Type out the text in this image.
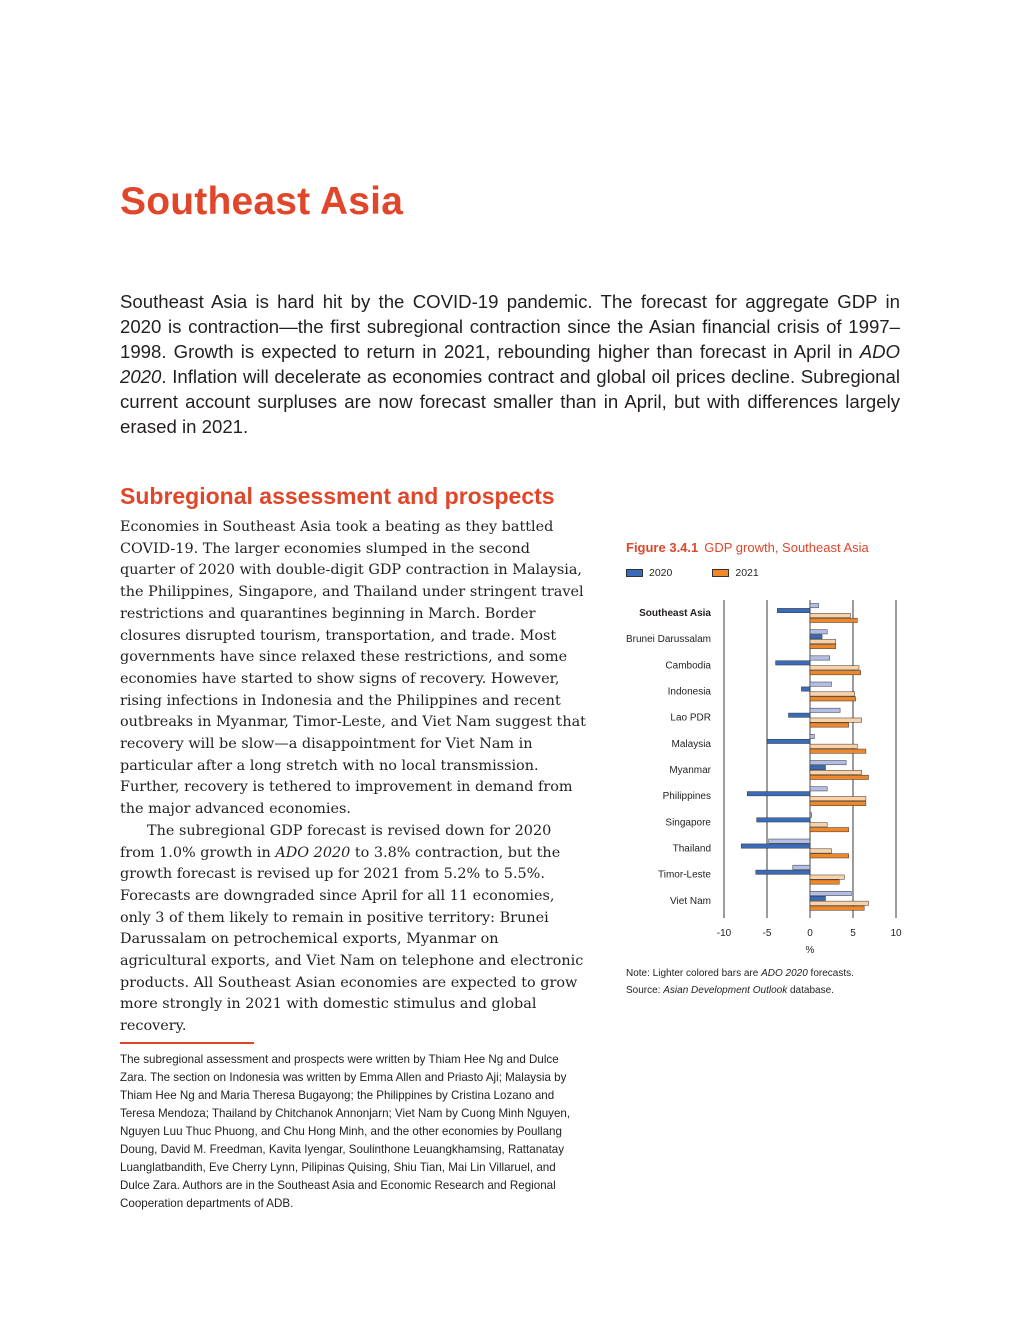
Southeast Asia

Southeast Asia is hard hit by the COVID-19 pandemic. The forecast for aggregate GDP in 2020 is contraction—the first subregional contraction since the Asian financial crisis of 1997–1998. Growth is expected to return in 2021, rebounding higher than forecast in April in ADO 2020. Inflation will decelerate as economies contract and global oil prices decline. Subregional current account surpluses are now forecast smaller than in April, but with differences largely erased in 2021.

Subregional assessment and prospects

Economies in Southeast Asia took a beating as they battled COVID-19. The larger economies slumped in the second quarter of 2020 with double-digit GDP contraction in Malaysia, the Philippines, Singapore, and Thailand under stringent travel restrictions and quarantines beginning in March. Border closures disrupted tourism, transportation, and trade. Most governments have since relaxed these restrictions, and some economies have started to show signs of recovery. However, rising infections in Indonesia and the Philippines and recent outbreaks in Myanmar, Timor-Leste, and Viet Nam suggest that recovery will be slow—a disappointment for Viet Nam in particular after a long stretch with no local transmission. Further, recovery is tethered to improvement in demand from the major advanced economies.

The subregional GDP forecast is revised down for 2020 from 1.0% growth in ADO 2020 to 3.8% contraction, but the growth forecast is revised up for 2021 from 5.2% to 5.5%. Forecasts are downgraded since April for all 11 economies, only 3 of them likely to remain in positive territory: Brunei Darussalam on petrochemical exports, Myanmar on agricultural exports, and Viet Nam on telephone and electronic products. All Southeast Asian economies are expected to grow more strongly in 2021 with domestic stimulus and global recovery.

The subregional assessment and prospects were written by Thiam Hee Ng and Dulce Zara. The section on Indonesia was written by Emma Allen and Priasto Aji; Malaysia by Thiam Hee Ng and Maria Theresa Bugayong; the Philippines by Cristina Lozano and Teresa Mendoza; Thailand by Chitchanok Annonjarn; Viet Nam by Cuong Minh Nguyen, Nguyen Luu Thuc Phuong, and Chu Hong Minh, and the other economies by Poullang Doung, David M. Freedman, Kavita Iyengar, Soulinthone Leuangkhamsing, Rattanatay Luanglatbandith, Eve Cherry Lynn, Pilipinas Quising, Shiu Tian, Mai Lin Villaruel, and Dulce Zara. Authors are in the Southeast Asia and Economic Research and Regional Cooperation departments of ADB.

Figure 3.4.1 GDP growth, Southeast Asia
2020	2021
Southeast Asia
Brunei Darussalam
Cambodia
Indonesia
Lao PDR
Malaysia
Myanmar
Philippines
Singapore
Thailand
Timor-Leste
Viet Nam
-10	-5	0	5	10
%
Note: Lighter colored bars are ADO 2020 forecasts.
Source: Asian Development Outlook database.
